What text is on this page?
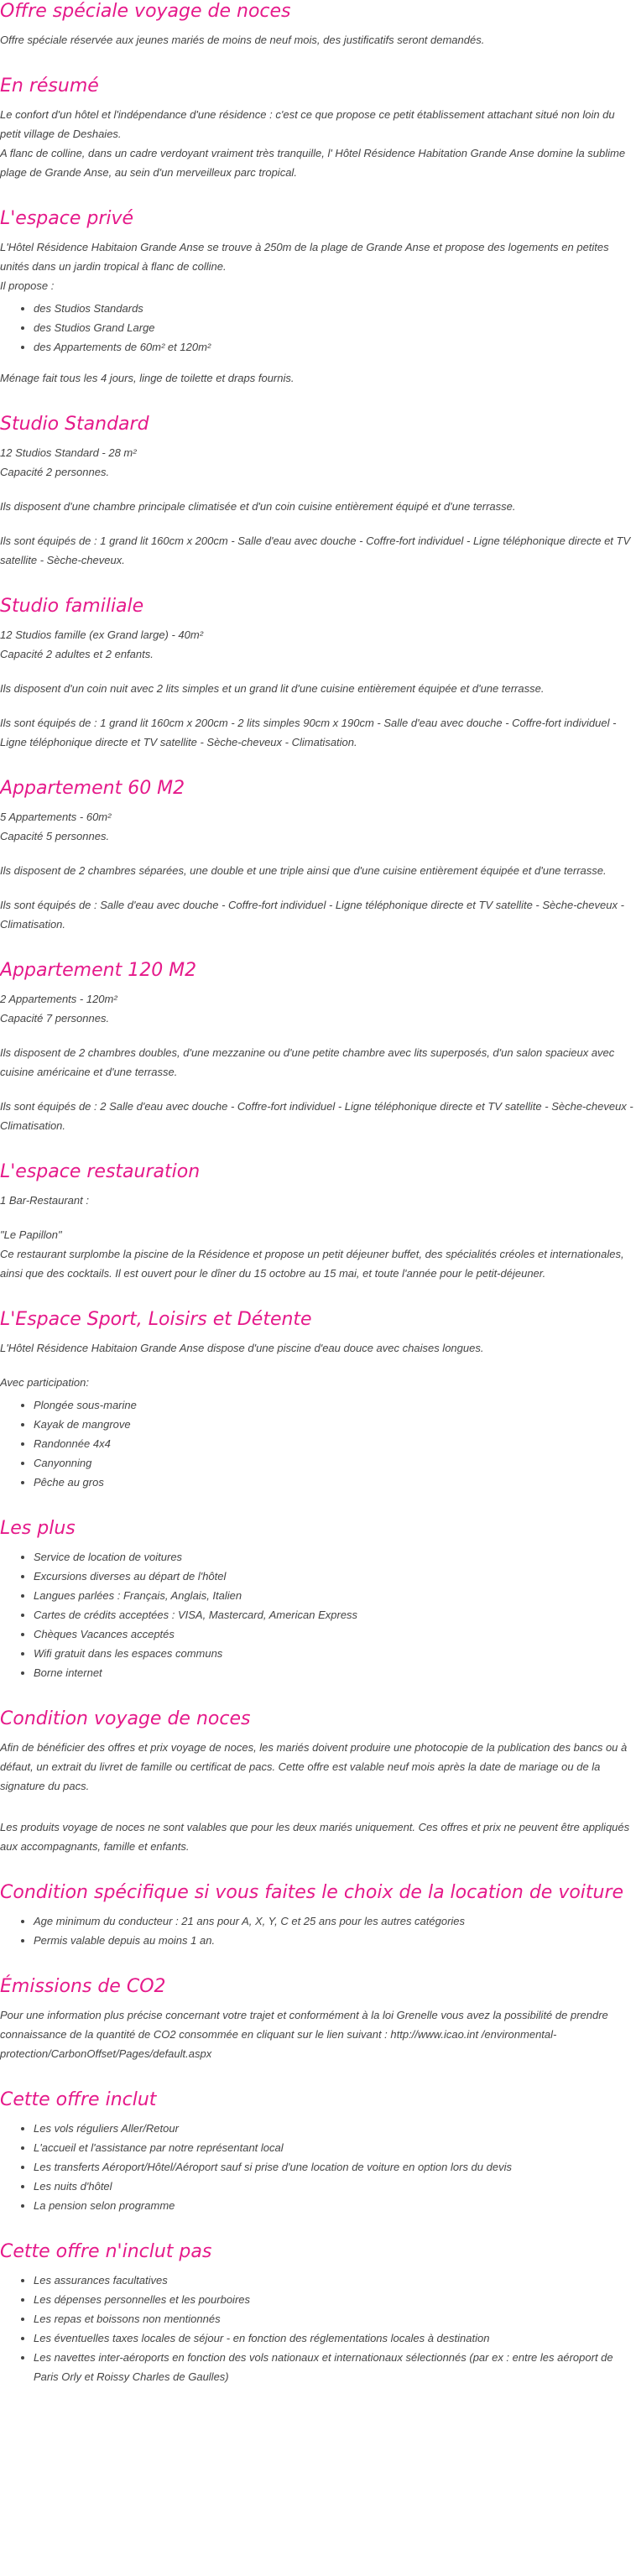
Offre spéciale voyage de noces

Offre spéciale réservée aux jeunes mariés de moins de neuf mois, des justificatifs seront demandés.

En résumé

Le confort d'un hôtel et l'indépendance d'une résidence : c'est ce que propose ce petit établissement attachant situé non loin du petit village de Deshaies.
A flanc de colline, dans un cadre verdoyant vraiment très tranquille, l' Hôtel Résidence Habitation Grande Anse domine la sublime plage de Grande Anse, au sein d'un merveilleux parc tropical.

L'espace privé

L'Hôtel Résidence Habitaion Grande Anse se trouve à 250m de la plage de Grande Anse et propose des logements en petites unités dans un jardin tropical à flanc de colline.
Il propose :

• des Studios Standards
• des Studios Grand Large
• des Appartements de 60m² et 120m²

Ménage fait tous les 4 jours, linge de toilette et draps fournis.

Studio Standard

12 Studios Standard - 28 m²
Capacité 2 personnes.

Ils disposent d'une chambre principale climatisée et d'un coin cuisine entièrement équipé et d'une terrasse.

Ils sont équipés de : 1 grand lit 160cm x 200cm - Salle d'eau avec douche - Coffre-fort individuel - Ligne téléphonique directe et TV satellite - Sèche-cheveux.

Studio familiale

12 Studios famille (ex Grand large) - 40m²
Capacité 2 adultes et 2 enfants.

Ils disposent d'un coin nuit avec 2 lits simples et un grand lit d'une cuisine entièrement équipée et d'une terrasse.

Ils sont équipés de : 1 grand lit 160cm x 200cm - 2 lits simples 90cm x 190cm - Salle d'eau avec douche - Coffre-fort individuel - Ligne téléphonique directe et TV satellite - Sèche-cheveux - Climatisation.

Appartement 60 M2

5 Appartements - 60m²
Capacité 5 personnes.

Ils disposent de 2 chambres séparées, une double et une triple ainsi que d'une cuisine entièrement équipée et d'une terrasse.

Ils sont équipés de : Salle d'eau avec douche - Coffre-fort individuel - Ligne téléphonique directe et TV satellite - Sèche-cheveux - Climatisation.

Appartement 120 M2

2 Appartements - 120m²
Capacité 7 personnes.

Ils disposent de 2 chambres doubles, d'une mezzanine ou d'une petite chambre avec lits superposés, d'un salon spacieux avec cuisine américaine et d'une terrasse.

Ils sont équipés de : 2 Salle d'eau avec douche - Coffre-fort individuel - Ligne téléphonique directe et TV satellite - Sèche-cheveux - Climatisation.

L'espace restauration

1 Bar-Restaurant :

"Le Papillon"
Ce restaurant surplombe la piscine de la Résidence et propose un petit déjeuner buffet, des spécialités créoles et internationales, ainsi que des cocktails. Il est ouvert pour le dîner du 15 octobre au 15 mai, et toute l'année pour le petit-déjeuner.

L'Espace Sport, Loisirs et Détente

L'Hôtel Résidence Habitaion Grande Anse dispose d'une piscine d'eau douce avec chaises longues.

Avec participation:

• Plongée sous-marine
• Kayak de mangrove
• Randonnée 4x4
• Canyonning
• Pêche au gros
Les plus
• Service de location de voitures
• Excursions diverses au départ de l'hôtel
• Langues parlées : Français, Anglais, Italien
• Cartes de crédits acceptées : VISA, Mastercard, American Express
• Chèques Vacances acceptés
• Wifi gratuit dans les espaces communs
• Borne internet
Condition voyage de noces

Afin de bénéficier des offres et prix voyage de noces, les mariés doivent produire une photocopie de la publication des bancs ou à défaut, un extrait du livret de famille ou certificat de pacs. Cette offre est valable neuf mois après la date de mariage ou de la signature du pacs.

Les produits voyage de noces ne sont valables que pour les deux mariés uniquement. Ces offres et prix ne peuvent être appliqués aux accompagnants, famille et enfants.

Condition spécifique si vous faites le choix de la location de voiture
• Age minimum du conducteur : 21 ans pour A, X, Y, C et 25 ans pour les autres catégories
• Permis valable depuis au moins 1 an.
Émissions de CO2

Pour une information plus précise concernant votre trajet et conformément à la loi Grenelle vous avez la possibilité de prendre connaissance de la quantité de CO2 consommée en cliquant sur le lien suivant : http://www.icao.int /environmental-protection/CarbonOffset/Pages/default.aspx

Cette offre inclut
• Les vols réguliers Aller/Retour
• L'accueil et l'assistance par notre représentant local
• Les transferts Aéroport/Hôtel/Aéroport sauf si prise d'une location de voiture en option lors du devis
• Les nuits d'hôtel
• La pension selon programme
Cette offre n'inclut pas
• Les assurances facultatives
• Les dépenses personnelles et les pourboires
• Les repas et boissons non mentionnés
• Les éventuelles taxes locales de séjour - en fonction des réglementations locales à destination
• Les navettes inter-aéroports en fonction des vols nationaux et internationaux sélectionnés (par ex : entre les aéroport de Paris Orly et Roissy Charles de Gaulles)
